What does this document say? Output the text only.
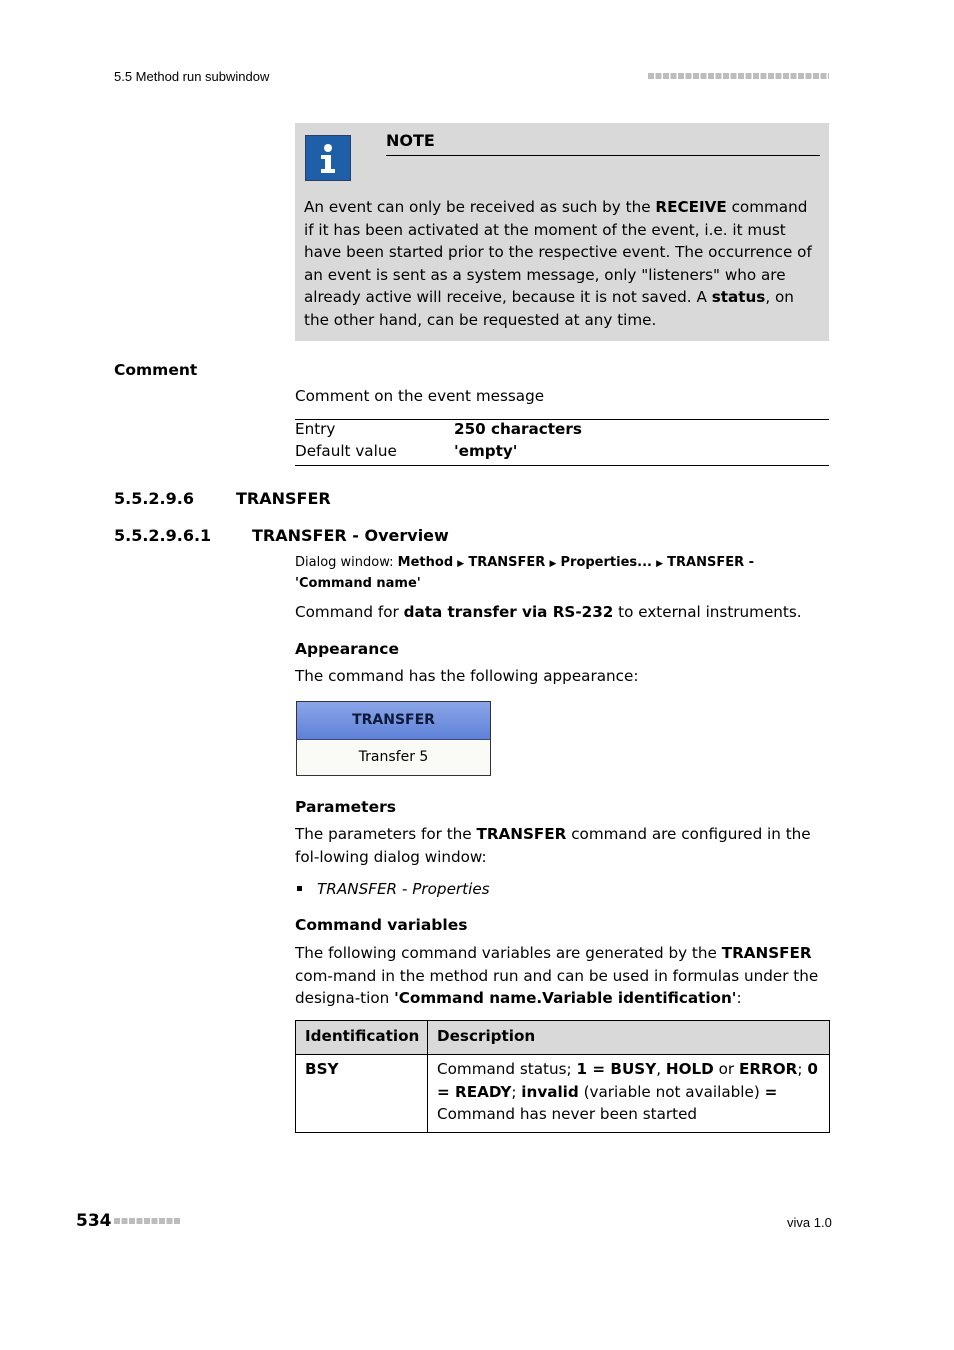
5.5 Method run subwindow
NOTE
An event can only be received as such by the RECEIVE command if it has been activated at the moment of the event, i.e. it must have been started prior to the respective event. The occurrence of an event is sent as a system message, only "listeners" who are already active will receive, because it is not saved. A status, on the other hand, can be requested at any time.
Comment
Comment on the event message
Entry	250 characters
Default value	'empty'
5.5.2.9.6	TRANSFER
5.5.2.9.6.1	TRANSFER - Overview
Dialog window: Method ▶ TRANSFER ▶ Properties... ▶ TRANSFER - 'Command name'
Command for data transfer via RS-232 to external instruments.
Appearance
The command has the following appearance:
TRANSFER
Transfer 5
Parameters
The parameters for the TRANSFER command are configured in the fol-lowing dialog window:
TRANSFER - Properties
Command variables
The following command variables are generated by the TRANSFER com-mand in the method run and can be used in formulas under the designa-tion 'Command name.Variable identification':
Identification Description
BSY	Command status; 1 = BUSY, HOLD or ERROR; 0 = READY; invalid (variable not available) = Command has never been started
534	viva 1.0
